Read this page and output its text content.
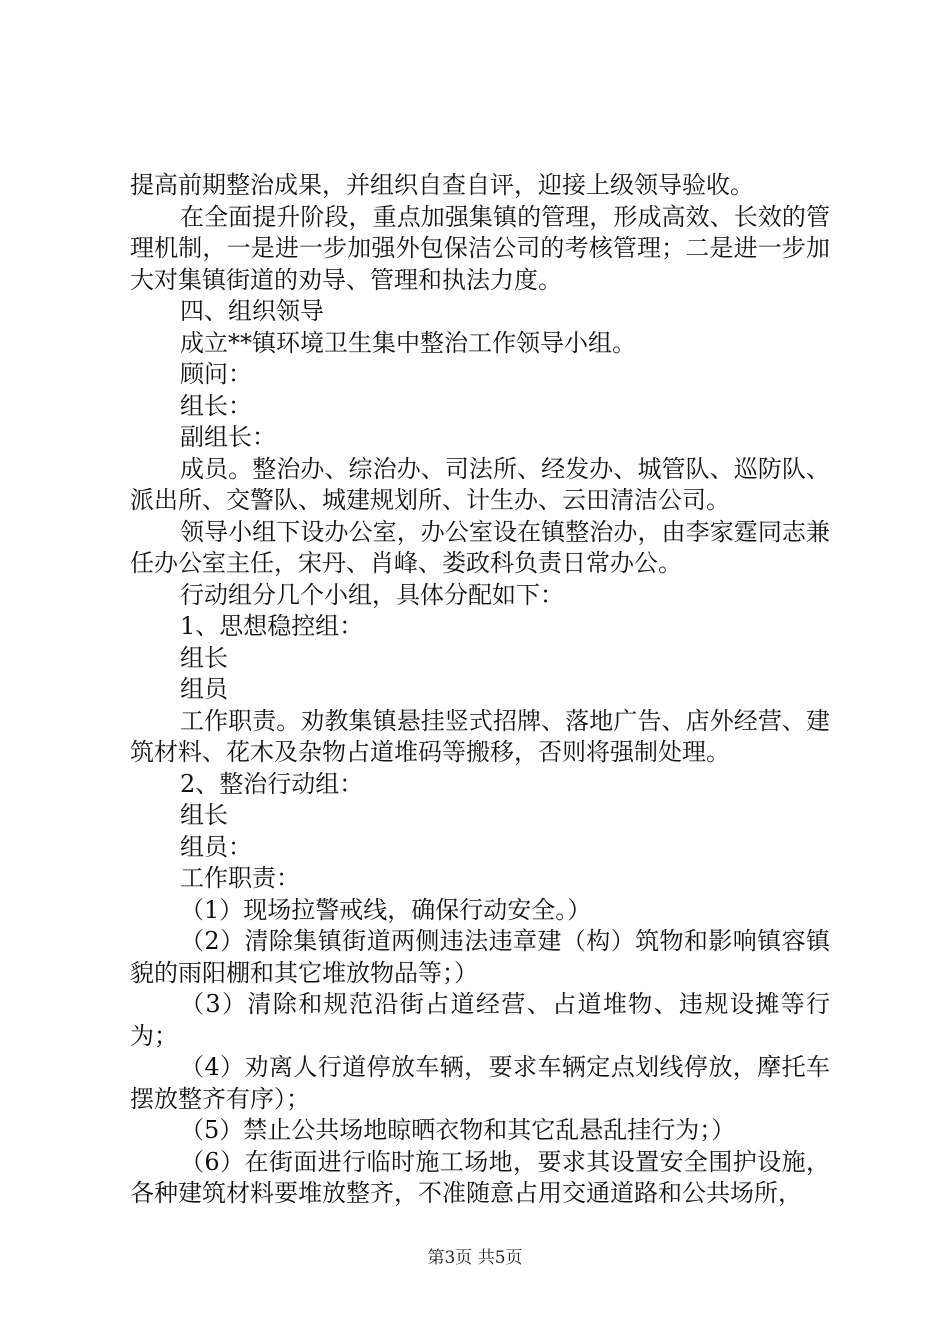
提高前期整治成果，并组织自查自评，迎接上级领导验收。

在全面提升阶段，重点加强集镇的管理，形成高效、长效的管理机制，一是进一步加强外包保洁公司的考核管理；二是进一步加大对集镇街道的劝导、管理和执法力度。

四、组织领导

成立**镇环境卫生集中整治工作领导小组。

顾问：

组长：

副组长：

成员。整治办、综治办、司法所、经发办、城管队、巡防队、派出所、交警队、城建规划所、计生办、云田清洁公司。

领导小组下设办公室，办公室设在镇整治办，由李家霆同志兼任办公室主任，宋丹、肖峰、娄政科负责日常办公。

行动组分几个小组，具体分配如下：

1、思想稳控组：

组长

组员

工作职责。劝教集镇悬挂竖式招牌、落地广告、店外经营、建筑材料、花木及杂物占道堆码等搬移，否则将强制处理。

2、整治行动组：

组长

组员：

工作职责：

（1）现场拉警戒线，确保行动安全。）

（2）清除集镇街道两侧违法违章建（构）筑物和影响镇容镇貌的雨阳棚和其它堆放物品等；）

（3）清除和规范沿街占道经营、占道堆物、违规设摊等行为；

（4）劝离人行道停放车辆，要求车辆定点划线停放，摩托车摆放整齐有序）；

（5）禁止公共场地晾晒衣物和其它乱悬乱挂行为；）

（6）在街面进行临时施工场地，要求其设置安全围护设施，各种建筑材料要堆放整齐，不准随意占用交通道路和公共场所，

第3页 共5页
